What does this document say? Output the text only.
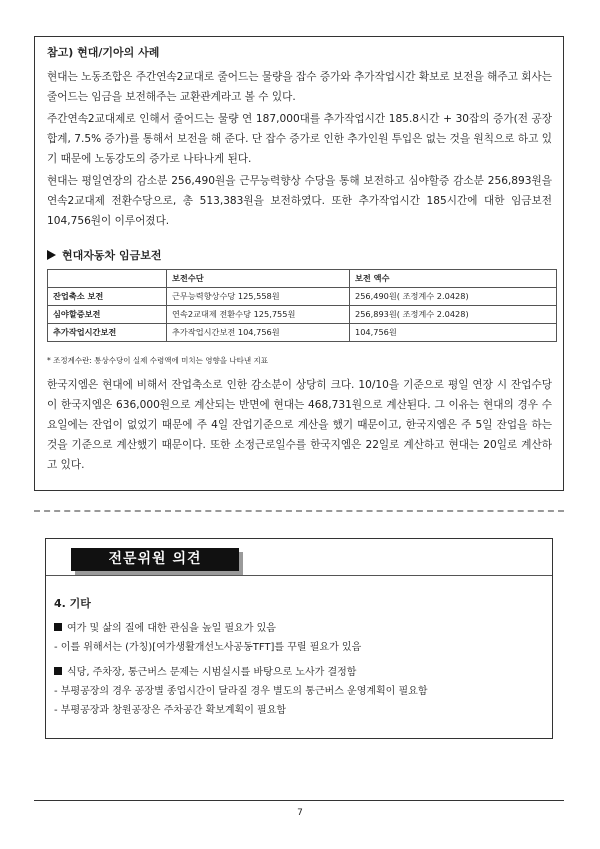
참고) 현대/기아의 사례

현대는 노동조합은 주간연속2교대로 줄어드는 물량을 잡수 증가와 추가작업시간 확보로 보전을 해주고 회사는 줄어드는 임금을 보전해주는 교환관계라고 볼 수 있다.

주간연속2교대제로 인해서 줄어드는 물량 연 187,000대를 추가작업시간 185.8시간 + 30잡의 증가(전 공장 합계, 7.5% 증가)를 통해서 보전을 해 준다. 단 잡수 증가로 인한 추가인원 투입은 없는 것을 원칙으로 하고 있기 때문에 노동강도의 증가로 나타나게 된다.

현대는 평일연장의 감소분 256,490원을 근무능력향상 수당을 통해 보전하고 심야할증 감소분 256,893원을 연속2교대제 전환수당으로, 총 513,383원을 보전하였다. 또한 추가작업시간 185시간에 대한 임금보전 104,756원이 이루어졌다.

현대자동차 임금보전
	보전수단	보전 액수
잔업축소 보전	근무능력향상수당 125,558원	256,490원( 조정계수 2.0428)
심야할증보전	연속2교대제 전환수당 125,755원	256,893원( 조정계수 2.0428)
추가작업시간보전	추가작업시간보전 104,756원	104,756원
* 조정계수란: 통상수당이 실제 수령액에 미치는 영향을 나타낸 지표

한국지엠은 현대에 비해서 잔업축소로 인한 감소분이 상당히 크다. 10/10을 기준으로 평일 연장 시 잔업수당이 한국지엠은 636,000원으로 계산되는 반면에 현대는 468,731원으로 계산된다. 그 이유는 현대의 경우 수요일에는 잔업이 없었기 때문에 주 4일 잔업기준으로 계산을 했기 때문이고, 한국지엠은 주 5일 잔업을 하는 것을 기준으로 계산했기 때문이다. 또한 소정근로일수를 한국지엠은 22일로 계산하고 현대는 20일로 계산하고 있다.

전문위원 의견
4. 기타
여가 및 삶의 질에 대한 관심을 높일 필요가 있음
- 이를 위해서는 (가칭)[여가생활개선노사공동TFT]를 꾸릴 필요가 있음
식당, 주차장, 통근버스 문제는 시범실시를 바탕으로 노사가 결정함
- 부평공장의 경우 공장별 종업시간이 달라질 경우 별도의 통근버스 운영계획이 필요함
- 부평공장과 창원공장은 주차공간 확보계획이 필요함
7
